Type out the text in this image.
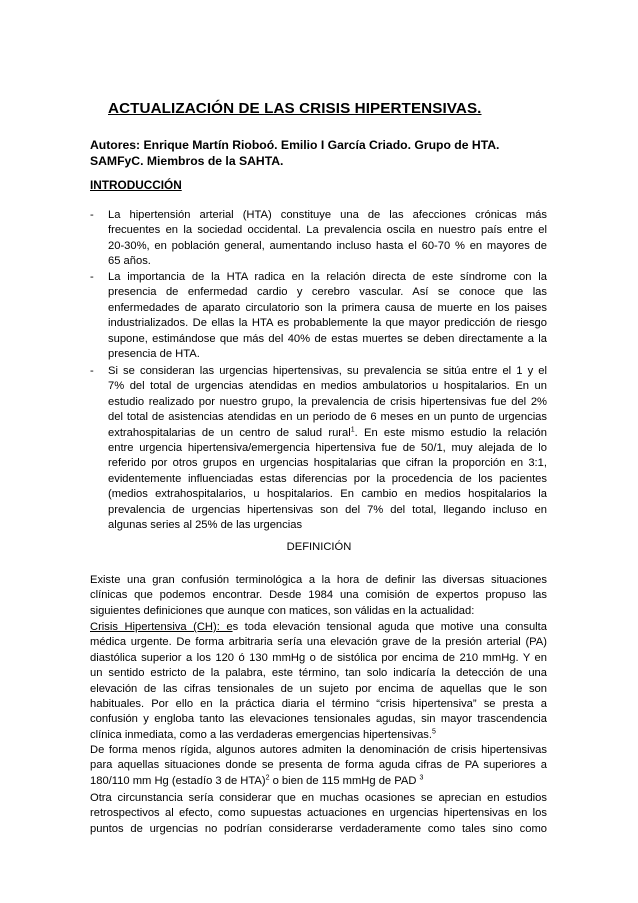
ACTUALIZACIÓN DE LAS CRISIS HIPERTENSIVAS.
Autores: Enrique Martín Rioboó. Emilio I García Criado. Grupo de HTA.
SAMFyC. Miembros de la SAHTA.
INTRODUCCIÓN
- La hipertensión arterial (HTA) constituye una de las afecciones crónicas más
frecuentes en la sociedad occidental. La prevalencia oscila en nuestro país entre el
20-30%, en población general, aumentando incluso hasta el 60-70 % en mayores de
65 años.
- La importancia de la HTA radica en la relación directa de este síndrome con la
presencia de enfermedad cardio y cerebro vascular. Así se conoce que las
enfermedades de aparato circulatorio son la primera causa de muerte en los paises
industrializados. De ellas la HTA es probablemente la que mayor predicción de riesgo
supone, estimándose que más del 40% de estas muertes se deben directamente a la
presencia de HTA.
- Si se consideran las urgencias hipertensivas, su prevalencia se sitúa entre el 1 y el
7% del total de urgencias atendidas en medios ambulatorios u hospitalarios. En un
estudio realizado por nuestro grupo, la prevalencia de crisis hipertensivas fue del 2%
del total de asistencias atendidas en un periodo de 6 meses en un punto de urgencias
extrahospitalarias de un centro de salud rural$^1$. En este mismo estudio la relación
entre urgencia hipertensiva/emergencia hipertensiva fue de 50/1, muy alejada de lo
referido por otros grupos en urgencias hospitalarias que cifran la proporción en 3:1,
evidentemente influenciadas estas diferencias por la procedencia de los pacientes
(medios extrahospitalarios, u hospitalarios. En cambio en medios hospitalarios la
prevalencia de urgencias hipertensivas son del 7% del total, llegando incluso en
algunas series al 25% de las urgencias
DEFINICIÓN
Existe una gran confusión terminológica a la hora de definir las diversas situaciones
clínicas que podemos encontrar. Desde 1984 una comisión de expertos propuso las
siguientes definiciones que aunque con matices, son válidas en la actualidad:
Crisis Hipertensiva (CH): es toda elevación tensional aguda que motive una consulta
médica urgente. De forma arbitraria sería una elevación grave de la presión arterial (PA)
diastólica superior a los 120 ó 130 mmHg o de sistólica por encima de 210 mmHg. Y en
un sentido estricto de la palabra, este término, tan solo indicaría la detección de una
elevación de las cifras tensionales de un sujeto por encima de aquellas que le son
habituales. Por ello en la práctica diaria el término “crisis hipertensiva” se presta a
confusión y engloba tanto las elevaciones tensionales agudas, sin mayor trascendencia
clínica inmediata, como a las verdaderas emergencias hipertensivas.$^5$
De forma menos rígida, algunos autores admiten la denominación de crisis hipertensivas
para aquellas situaciones donde se presenta de forma aguda cifras de PA superiores a
180/110 mm Hg (estadío 3 de HTA)$^2$ o bien de 115 mmHg de PAD $^3$
Otra circunstancia sería considerar que en muchas ocasiones se aprecian en estudios
retrospectivos al efecto, como supuestas actuaciones en urgencias hipertensivas en los
puntos de urgencias no podrían considerarse verdaderamente como tales sino como
